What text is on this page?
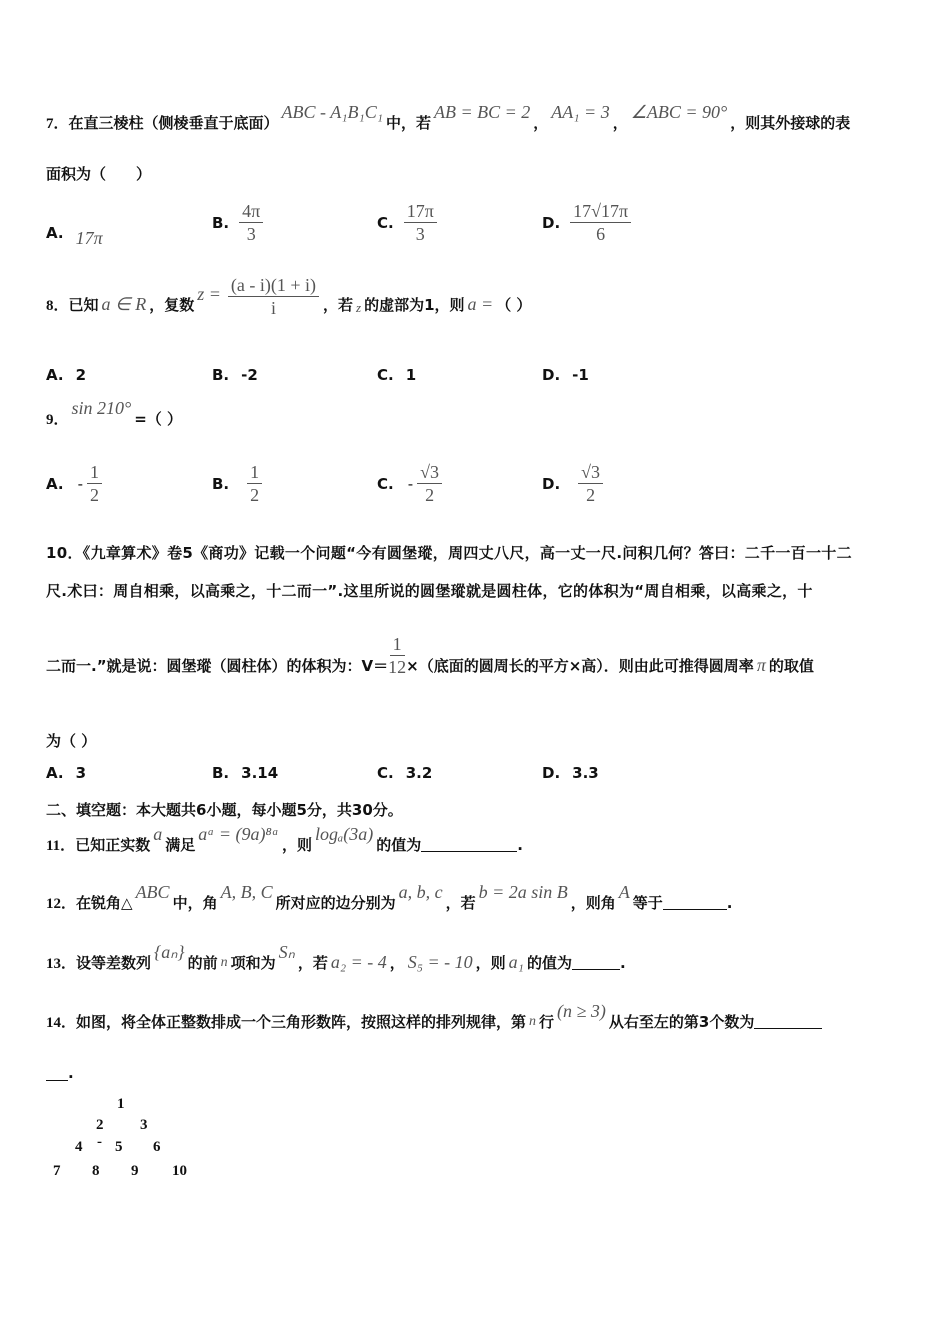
7． 在直三棱柱（侧棱垂直于底面）
ABC - A₁B₁C₁
中，若
AB = BC = 2
，
AA₁ = 3
，
∠ABC = 90°
，则其外接球的表
面积为（　　）
A. 17π
B. $\frac{4\pi}{3}$	C. $\frac{17\pi}{3}$	D. $\frac{17√17\pi}{6}$
8． 已知 a ∈ R ，复数
$z = \frac{(a - i)(1 + i)}{i}$ ，若 z 的虚部为1，则 a = （ ）
A. 2	B. -2	C. 1	D. -1
9．
sin 210°
=（ ）
A. - $\frac{1}{2}$	B. $\frac{1}{2}$	C. - $\frac{√3}{2}$	D. $\frac{√3}{2}$
10．《九章算术》卷5《商功》记载一个问题“今有圆堡瑽，周四丈八尺，高一丈一尺.问积几何？答曰：二千一百一十二
尺.术曰：周自相乘，以高乘之，十二而一”.这里所说的圆堡瑽就是圆柱体，它的体积为“周自相乘，以高乘之，十
二而一.”就是说：圆堡瑽（圆柱体）的体积为：$V= \frac{1}{12}$ ×（底面的圆周长的平方×高）．则由此可推得圆周率 π 的取值
为（ ）
A. 3	B. 3.14	C. 3.2	D. 3.3
二、填空题：本大题共6小题，每小题5分，共30分。
11． 已知正实数
a
满足
aᵃ = (9a)⁸ᵃ
，则
logₐ(3a)
的值为	.
12． 在锐角△
ABC
中，角
A, B, C
所对应的边分别为
a, b, c
，若
b = 2a sin B
，则角
A
等于	.
13． 设等差数列
{aₙ}
的前 n 项和为
Sₙ
，若 a₂ = - 4 ， S₅ = - 10 ，则 a₁ 的值为	.
14． 如图，将全体正整数排成一个三角形数阵，按照这样的排列规律，第 n 行
(n ≥ 3)
从右至左的第3个数为
.
1
2 3
4 - 5 6
7 8 9 10
